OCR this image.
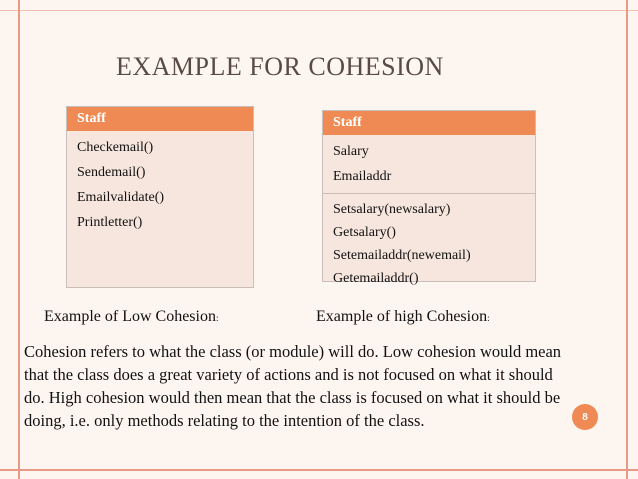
EXAMPLE FOR COHESION
Staff
Checkemail()
Sendemail()
Emailvalidate()
Printletter()
Staff
Salary
Emailaddr
Setsalary(newsalary)
Getsalary()
Setemailaddr(newemail)
Getemailaddr()
Example of Low Cohesion:	Example of high Cohesion:
Cohesion refers to what the class (or module) will do. Low cohesion would mean that the class does a great variety of actions and is not focused on what it should do. High cohesion would then mean that the class is focused on what it should be doing, i.e. only methods relating to the intention of the class.	8
